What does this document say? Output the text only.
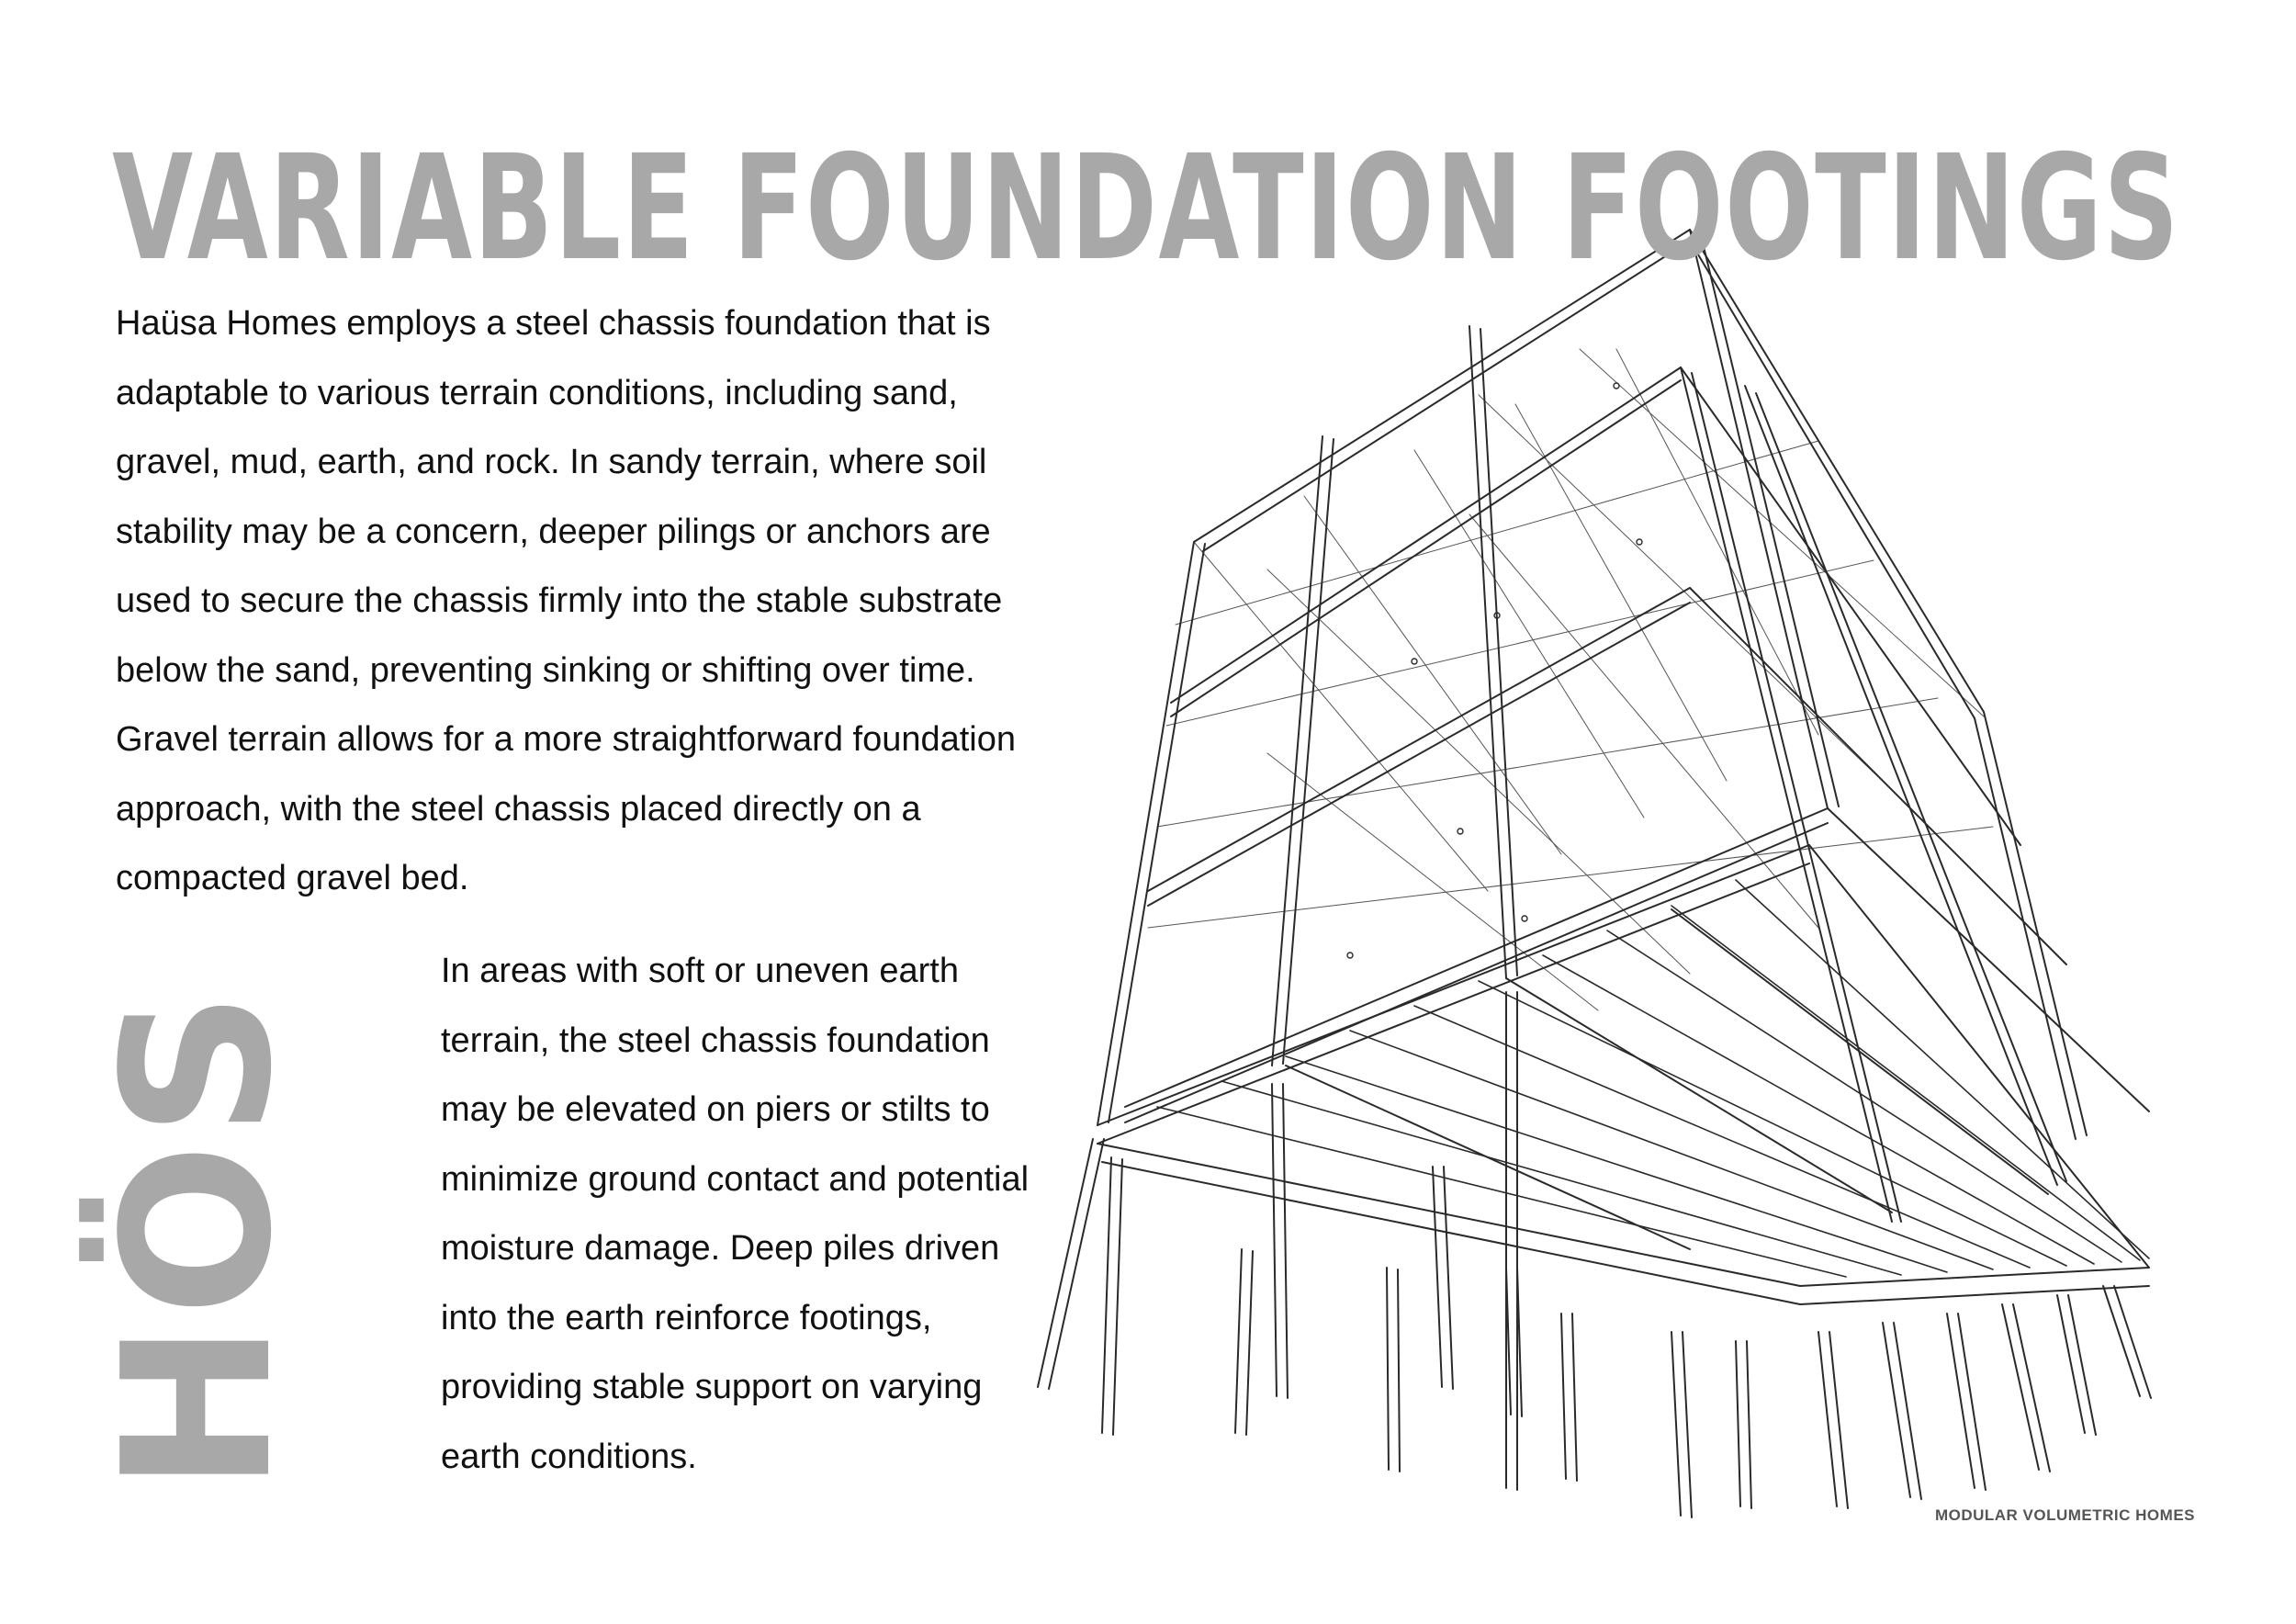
VARIABLE FOUNDATION FOOTINGS

Haüsa Homes employs a steel chassis foundation that is
adaptable to various terrain conditions, including sand,
gravel, mud, earth, and rock. In sandy terrain, where soil
stability may be a concern, deeper pilings or anchors are
used to secure the chassis firmly into the stable substrate
below the sand, preventing sinking or shifting over time.
Gravel terrain allows for a more straightforward foundation
approach, with the steel chassis placed directly on a
compacted gravel bed.

In areas with soft or uneven earth
terrain, the steel chassis foundation
may be elevated on piers or stilts to
minimize ground contact and potential
moisture damage. Deep piles driven
into the earth reinforce footings,
providing stable support on varying
earth conditions.

HÖS
MODULAR VOLUMETRIC HOMES
